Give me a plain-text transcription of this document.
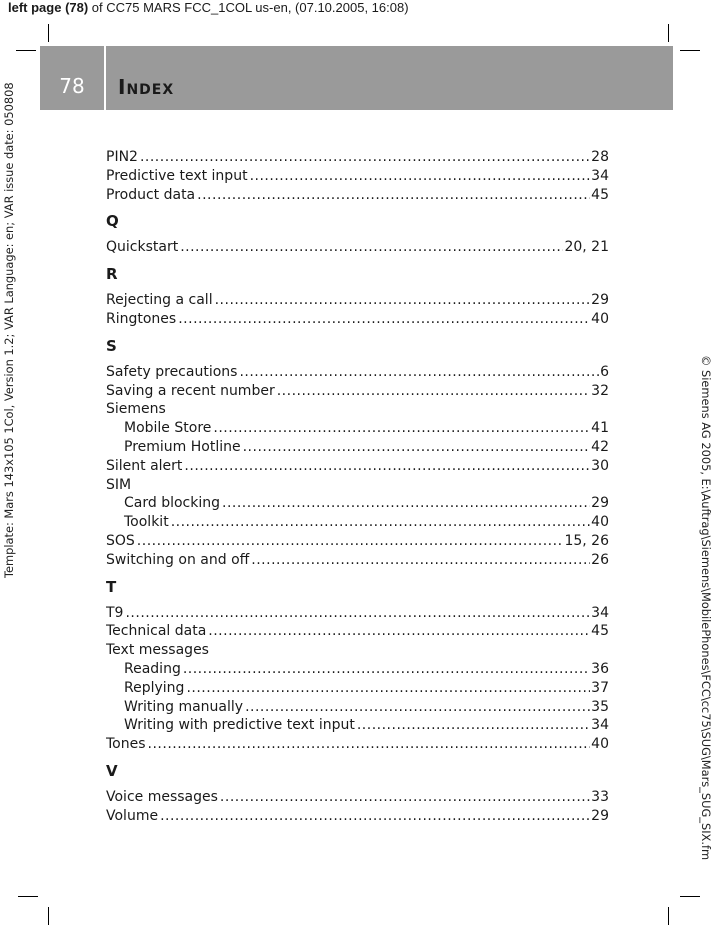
left page (78) of CC75 MARS FCC_1COL us-en, (07.10.2005, 16:08)
Template: Mars 143x105 1Col, Version 1.2; VAR Language: en; VAR issue date: 050808
© Siemens AG 2005, E:\Auftrag\Siemens\MobilePhones\FCC\cc75\SUG\Mars_SUG_SIX.fm
78	Index
PIN2 .....	28
Predictive text input .....	34
Product data .....	45
Q
Quickstart .....	20, 21
R
Rejecting a call .....	29
Ringtones .....	40
S
Safety precautions .....	6
Saving a recent number .....	32
Siemens
Mobile Store .....	41
Premium Hotline .....	42
Silent alert .....	30
SIM
Card blocking .....	29
Toolkit .....	40
SOS .....	15, 26
Switching on and off .....	26
T
T9 .....	34
Technical data .....	45
Text messages
Reading .....	36
Replying .....	37
Writing manually .....	35
Writing with predictive text input .....	34
Tones .....	40
V
Voice messages .....	33
Volume .....	29
